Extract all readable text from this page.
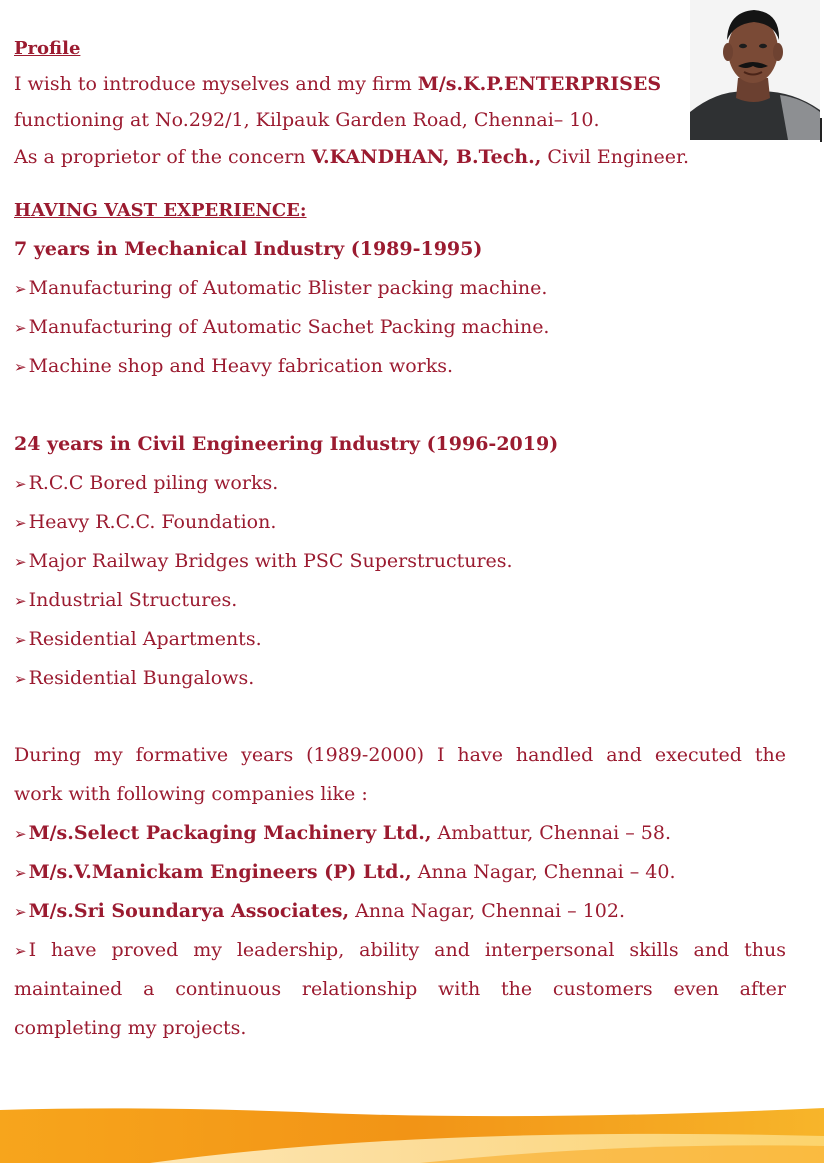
Profile
I wish to introduce myselves and my firm M/s.K.P.ENTERPRISES
functioning at No.292/1, Kilpauk Garden Road, Chennai– 10.
As a proprietor of the concern V.KANDHAN, B.Tech., Civil Engineer.
HAVING VAST EXPERIENCE:
7 years in Mechanical Industry (1989-1995)
➢ Manufacturing of Automatic Blister packing machine.
➢ Manufacturing of Automatic Sachet Packing machine.
➢ Machine shop and Heavy fabrication works.
24 years in Civil Engineering Industry (1996-2019)
➢ R.C.C Bored piling works.
➢ Heavy R.C.C. Foundation.
➢ Major Railway Bridges with PSC Superstructures.
➢ Industrial Structures.
➢ Residential Apartments.
➢ Residential Bungalows.
During my formative years (1989-2000) I have handled and executed the
work with following companies like :
➢ M/s.Select Packaging Machinery Ltd., Ambattur, Chennai – 58.
➢ M/s.V.Manickam Engineers (P) Ltd., Anna Nagar, Chennai – 40.
➢ M/s.Sri Soundarya Associates, Anna Nagar, Chennai – 102.
➢ I have proved my leadership, ability and interpersonal skills and thus
maintained a continuous relationship with the customers even after
completing my projects.
